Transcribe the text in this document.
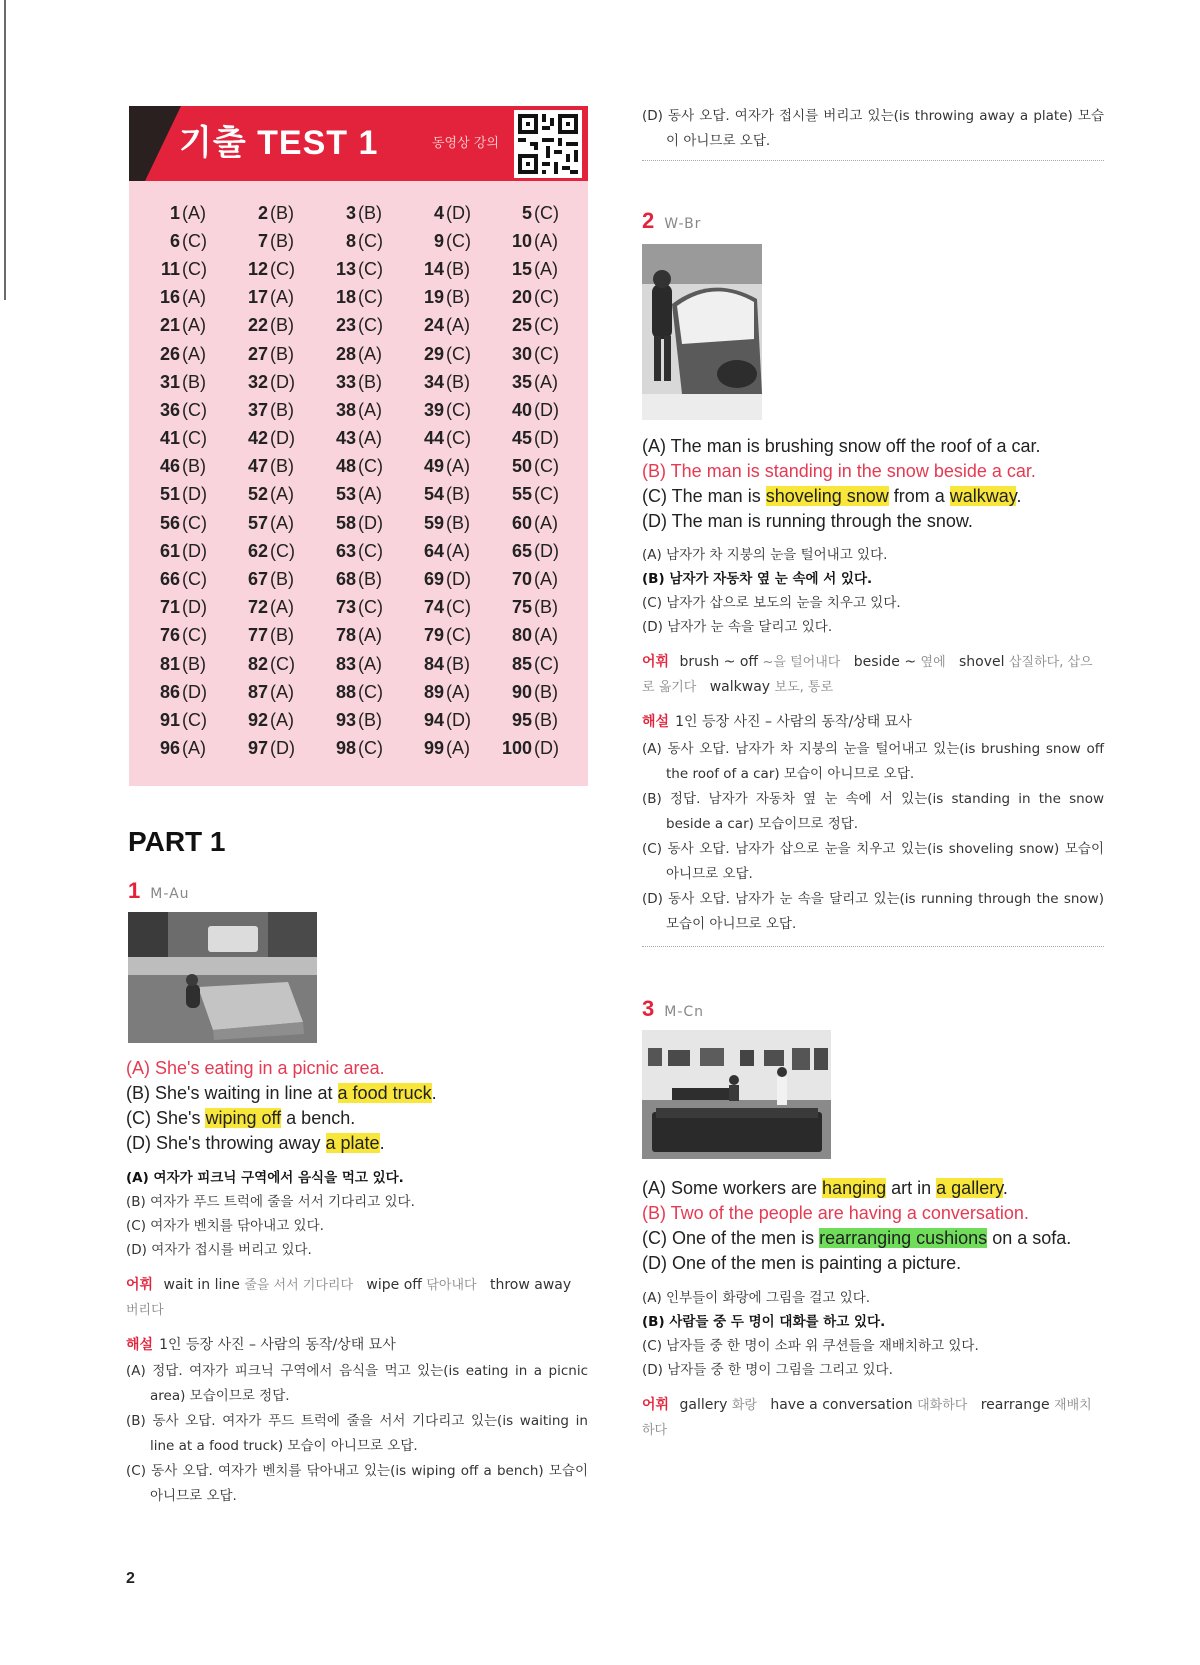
기출 TEST 1	동영상 강의
1 (A)	2 (B)	3 (B)	4 (D)	5 (C)
6 (C)	7 (B)	8 (C)	9 (C)	10 (A)
11 (C)	12 (C)	13 (C)	14 (B)	15 (A)
16 (A)	17 (A)	18 (C)	19 (B)	20 (C)
21 (A)	22 (B)	23 (C)	24 (A)	25 (C)
26 (A)	27 (B)	28 (A)	29 (C)	30 (C)
31 (B)	32 (D)	33 (B)	34 (B)	35 (A)
36 (C)	37 (B)	38 (A)	39 (C)	40 (D)
41 (C)	42 (D)	43 (A)	44 (C)	45 (D)
46 (B)	47 (B)	48 (C)	49 (A)	50 (C)
51 (D)	52 (A)	53 (A)	54 (B)	55 (C)
56 (C)	57 (A)	58 (D)	59 (B)	60 (A)
61 (D)	62 (C)	63 (C)	64 (A)	65 (D)
66 (C)	67 (B)	68 (B)	69 (D)	70 (A)
71 (D)	72 (A)	73 (C)	74 (C)	75 (B)
76 (C)	77 (B)	78 (A)	79 (C)	80 (A)
81 (B)	82 (C)	83 (A)	84 (B)	85 (C)
86 (D)	87 (A)	88 (C)	89 (A)	90 (B)
91 (C)	92 (A)	93 (B)	94 (D)	95 (B)
96 (A)	97 (D)	98 (C)	99 (A)	100 (D)
PART 1
1 M-Au
(A) She's eating in a picnic area.
(B) She's waiting in line at a food truck.
(C) She's wiping off a bench.
(D) She's throwing away a plate.
(A) 여자가 피크닉 구역에서 음식을 먹고 있다.
(B) 여자가 푸드 트럭에 줄을 서서 기다리고 있다.
(C) 여자가 벤치를 닦아내고 있다.
(D) 여자가 접시를 버리고 있다.
어휘 wait in line 줄을 서서 기다리다 wipe off 닦아내다 throw away 버리다
해설 1인 등장 사진 – 사람의 동작/상태 묘사
(A) 정답. 여자가 피크닉 구역에서 음식을 먹고 있는(is eating in a picnic area) 모습이므로 정답.
(B) 동사 오답. 여자가 푸드 트럭에 줄을 서서 기다리고 있는(is waiting in line at a food truck) 모습이 아니므로 오답.
(C) 동사 오답. 여자가 벤치를 닦아내고 있는(is wiping off a bench) 모습이 아니므로 오답.
(D) 동사 오답. 여자가 접시를 버리고 있는(is throwing away a plate) 모습이 아니므로 오답.
2 W-Br
(A) The man is brushing snow off the roof of a car.
(B) The man is standing in the snow beside a car.
(C) The man is shoveling snow from a walkway.
(D) The man is running through the snow.
(A) 남자가 차 지붕의 눈을 털어내고 있다.
(B) 남자가 자동차 옆 눈 속에 서 있다.
(C) 남자가 삽으로 보도의 눈을 치우고 있다.
(D) 남자가 눈 속을 달리고 있다.
어휘 brush ~ off ~을 털어내다 beside ~ 옆에 shovel 삽질하다, 삽으로 옮기다 walkway 보도, 통로
해설 1인 등장 사진 – 사람의 동작/상태 묘사
(A) 동사 오답. 남자가 차 지붕의 눈을 털어내고 있는(is brushing snow off the roof of a car) 모습이 아니므로 오답.
(B) 정답. 남자가 자동차 옆 눈 속에 서 있는(is standing in the snow beside a car) 모습이므로 정답.
(C) 동사 오답. 남자가 삽으로 눈을 치우고 있는(is shoveling snow) 모습이 아니므로 오답.
(D) 동사 오답. 남자가 눈 속을 달리고 있는(is running through the snow) 모습이 아니므로 오답.
3 M-Cn
(A) Some workers are hanging art in a gallery.
(B) Two of the people are having a conversation.
(C) One of the men is rearranging cushions on a sofa.
(D) One of the men is painting a picture.
(A) 인부들이 화랑에 그림을 걸고 있다.
(B) 사람들 중 두 명이 대화를 하고 있다.
(C) 남자들 중 한 명이 소파 위 쿠션들을 재배치하고 있다.
(D) 남자들 중 한 명이 그림을 그리고 있다.
어휘 gallery 화랑 have a conversation 대화하다 rearrange 재배치하다
2
